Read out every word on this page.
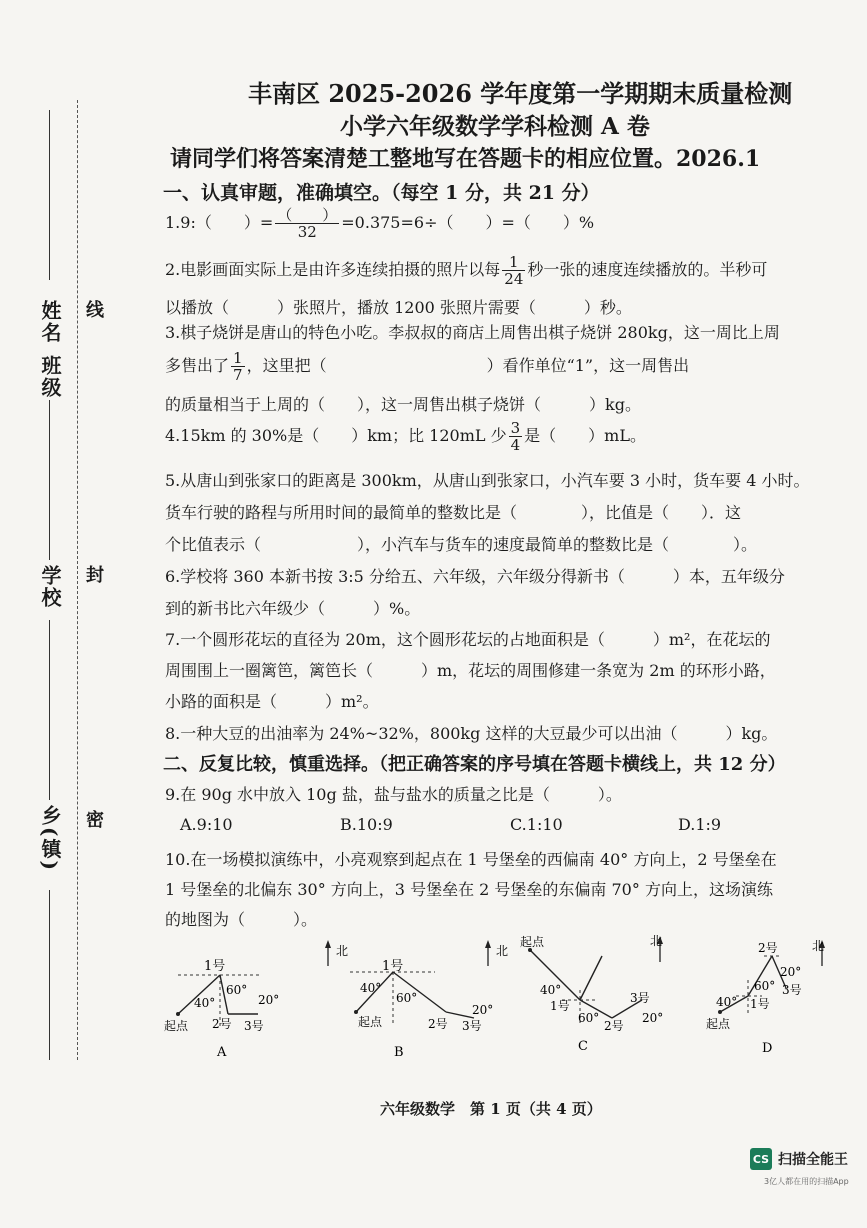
姓名
班级
学校
乡(镇)
线
封
密
丰南区 2025-2026 学年度第一学期期末质量检测
小学六年级数学学科检测 A 卷
请同学们将答案清楚工整地写在答题卡的相应位置。2026.1
一、认真审题，准确填空。（每空 1 分，共 21 分）
1.9:（　　）= $\frac{( )}{32} =0.375=6\div$（　　）=（　　）%
2.电影画面实际上是由许多连续拍摄的照片以每 $\frac{1}{24}$ 秒一张的速度连续播放的。半秒可
以播放（　　　）张照片，播放 1200 张照片需要（　　　）秒。
3.棋子烧饼是唐山的特色小吃。李叔叔的商店上周售出棋子烧饼 280kg，这一周比上周
多售出了 $\frac{1}{7}$ ，这里把（　　　　　　　　　　）看作单位“1”，这一周售出
的质量相当于上周的（　　），这一周售出棋子烧饼（　　　）kg。
4.15km 的 30%是（　　）km；比 120mL 少 $\frac{3}{4}$ 是（　　）mL。
5.从唐山到张家口的距离是 300km，从唐山到张家口，小汽车要 3 小时，货车要 4 小时。
货车行驶的路程与所用时间的最简单的整数比是（　　　　），比值是（　　）．这
个比值表示（　　　　　　），小汽车与货车的速度最简单的整数比是（　　　　）。
6.学校将 360 本新书按 3:5 分给五、六年级，六年级分得新书（　　　）本，五年级分
到的新书比六年级少（　　　）%。
7.一个圆形花坛的直径为 20m，这个圆形花坛的占地面积是（　　　）m²，在花坛的
周围围上一圈篱笆，篱笆长（　　　）m，花坛的周围修建一条宽为 2m 的环形小路，
小路的面积是（　　　）m²。
8.一种大豆的出油率为 24%~32%，800kg 这样的大豆最少可以出油（　　　）kg。
二、反复比较，慎重选择。（把正确答案的序号填在答题卡横线上，共 12 分）
9.在 90g 水中放入 10g 盐，盐与盐水的质量之比是（　　　）。
A.9:10	B.10:9	C.1:10	D.1:9
10.在一场模拟演练中，小亮观察到起点在 1 号堡垒的西偏南 40° 方向上，2 号堡垒在
1 号堡垒的北偏东 30° 方向上，3 号堡垒在 2 号堡垒的东偏南 70° 方向上，这场演练
的地图为（　　　）。
北
1号
40°
60°
20°
起点 2号 3号
A
北
1号
40°
60°
20°
起点	2号 3号
B
北
起点
40°
1号
60°
2号
3号
20°
C
北
2号
20°
60° 3号
40° 1号
起点
D
六年级数学　第 1 页（共 4 页）
CS 扫描全能王
3亿人都在用的扫描App
